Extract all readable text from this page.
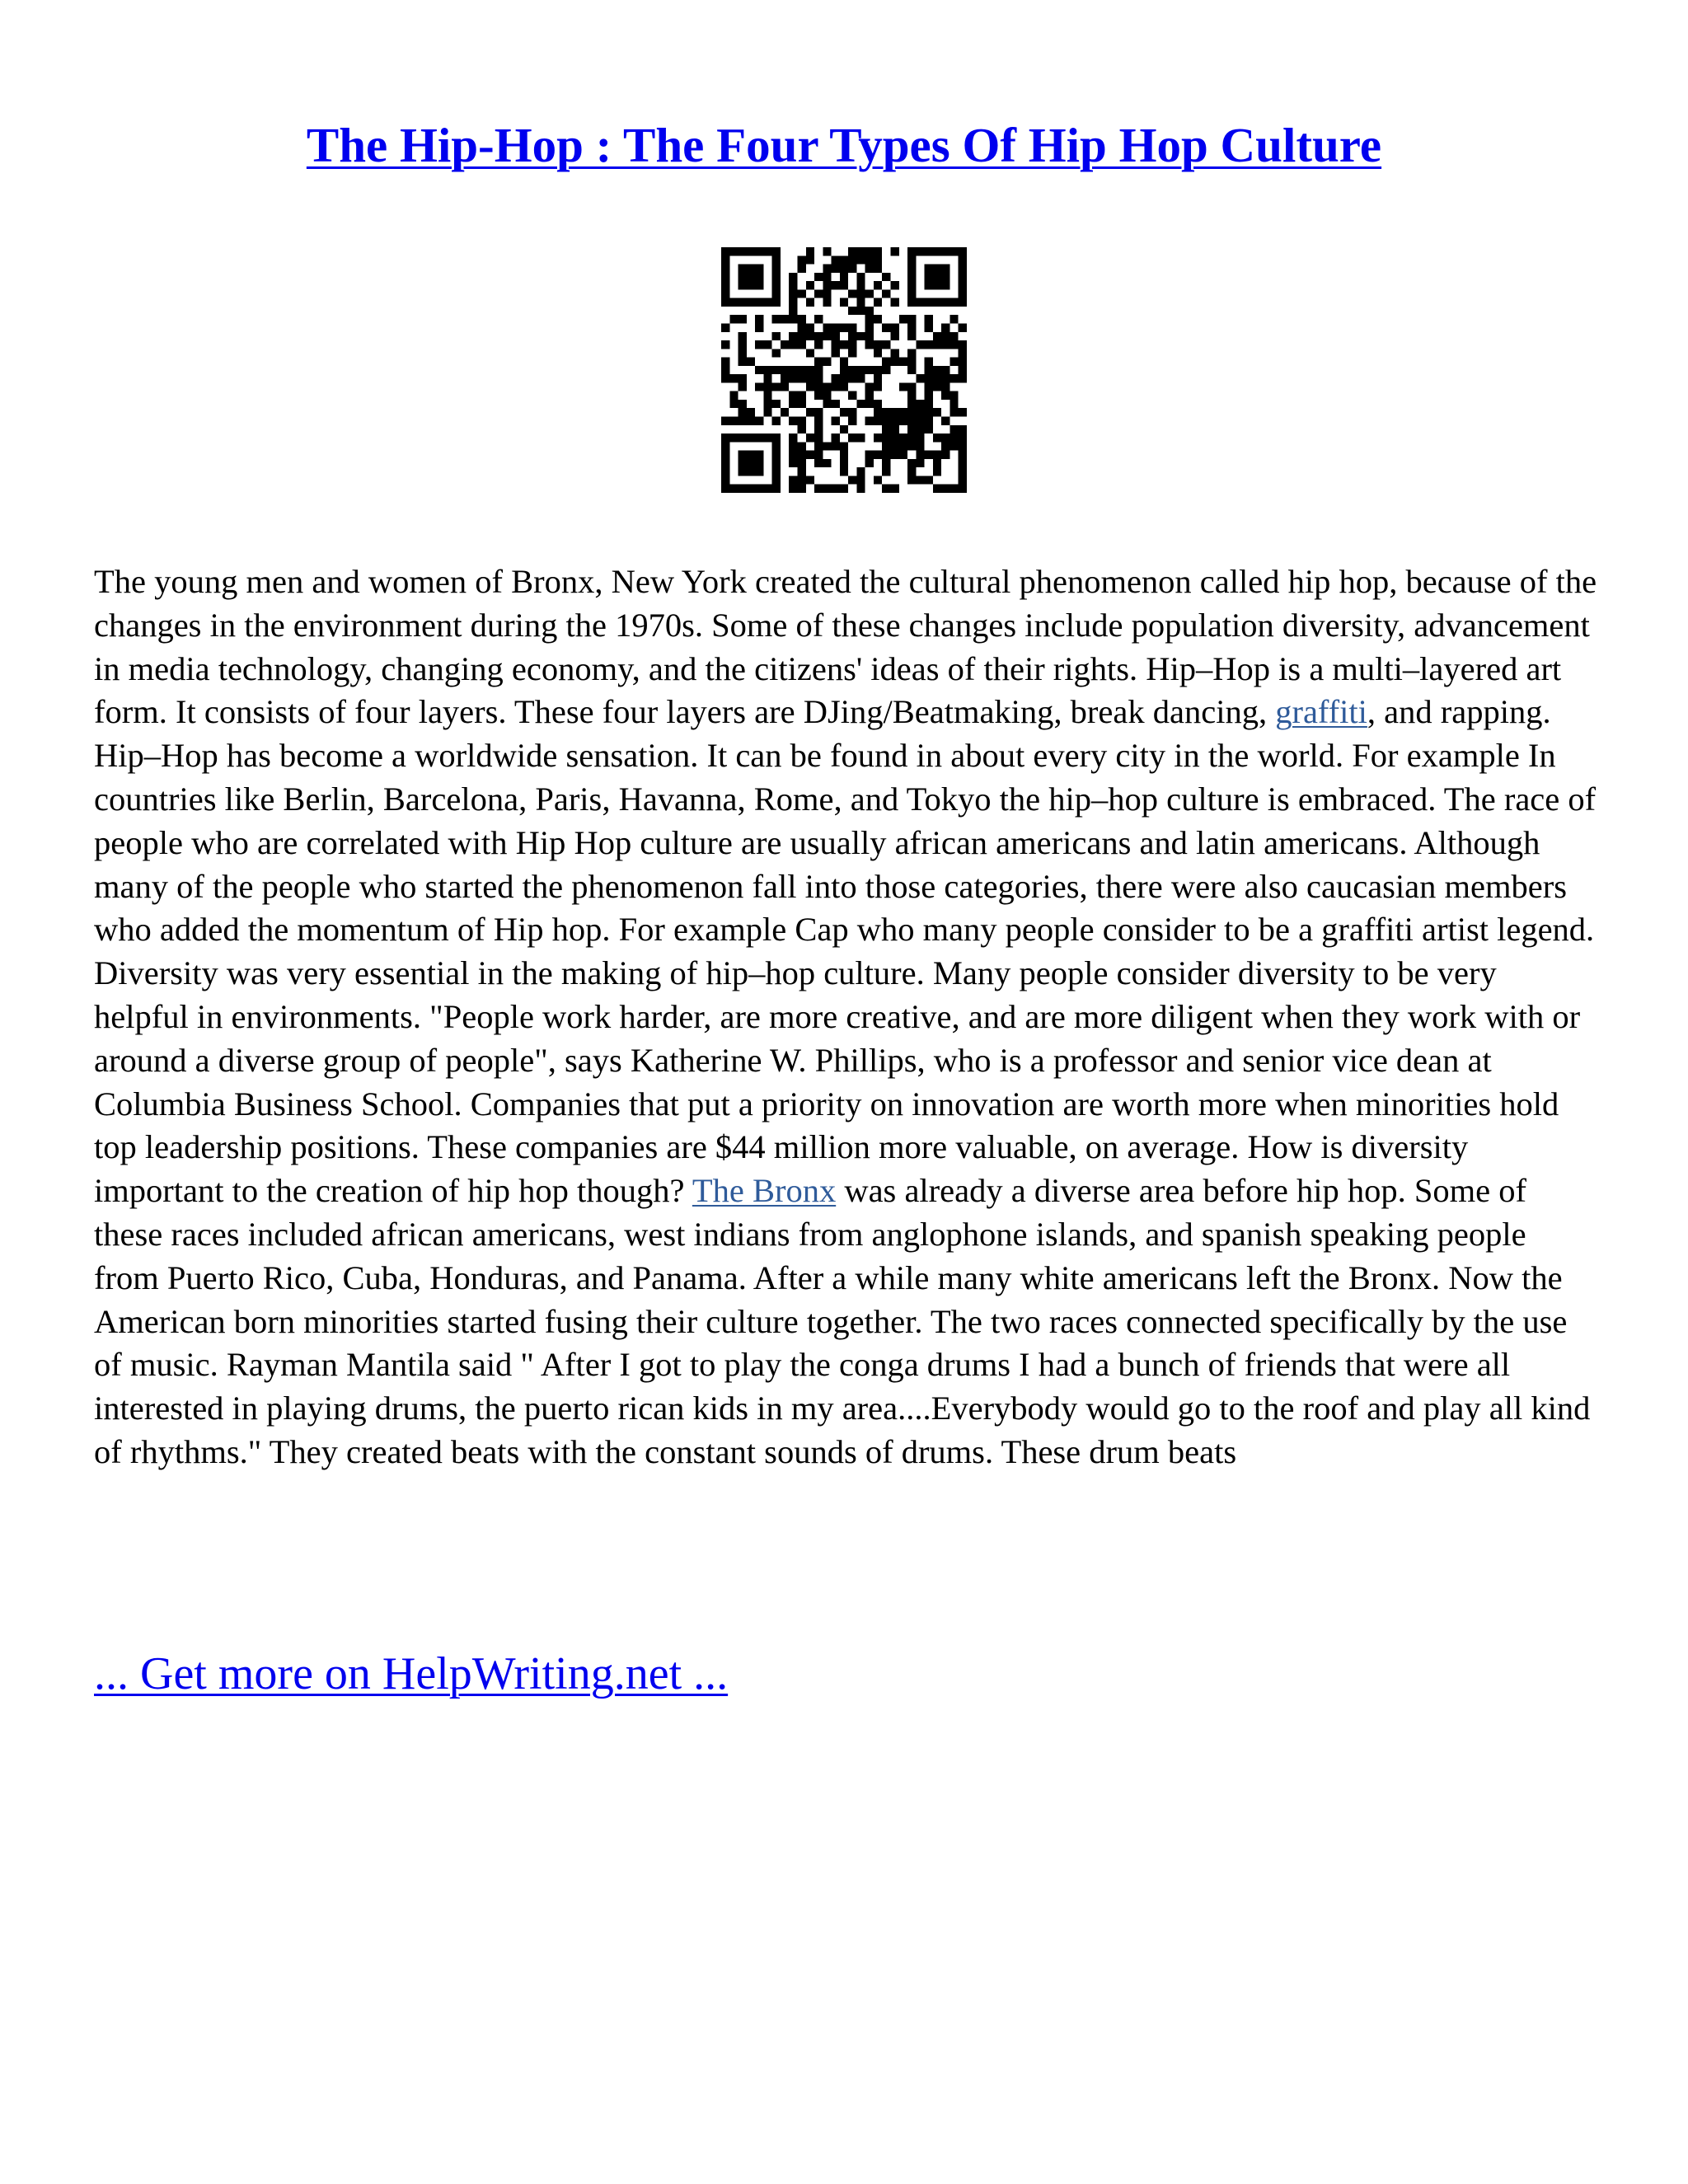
The Hip-Hop : The Four Types Of Hip Hop Culture

The young men and women of Bronx, New York created the cultural phenomenon called hip hop, because of the changes in the environment during the 1970s. Some of these changes include population diversity, advancement in media technology, changing economy, and the citizens' ideas of their rights. Hip–Hop is a multi–layered art form. It consists of four layers. These four layers are DJing/Beatmaking, break dancing, graffiti, and rapping. Hip–Hop has become a worldwide sensation. It can be found in about every city in the world. For example In countries like Berlin, Barcelona, Paris, Havanna, Rome, and Tokyo the hip–hop culture is embraced. The race of people who are correlated with Hip Hop culture are usually african americans and latin americans. Although many of the people who started the phenomenon fall into those categories, there were also caucasian members who added the momentum of Hip hop. For example Cap who many people consider to be a graffiti artist legend. Diversity was very essential in the making of hip–hop culture. Many people consider diversity to be very helpful in environments. "People work harder, are more creative, and are more diligent when they work with or around a diverse group of people", says Katherine W. Phillips, who is a professor and senior vice dean at Columbia Business School. Companies that put a priority on innovation are worth more when minorities hold top leadership positions. These companies are $44 million more valuable, on average. How is diversity important to the creation of hip hop though? The Bronx was already a diverse area before hip hop. Some of these races included african americans, west indians from anglophone islands, and spanish speaking people from Puerto Rico, Cuba, Honduras, and Panama. After a while many white americans left the Bronx. Now the American born minorities started fusing their culture together. The two races connected specifically by the use of music. Rayman Mantila said " After I got to play the conga drums I had a bunch of friends that were all interested in playing drums, the puerto rican kids in my area....Everybody would go to the roof and play all kind of rhythms." They created beats with the constant sounds of drums. These drum beats

... Get more on HelpWriting.net ...
